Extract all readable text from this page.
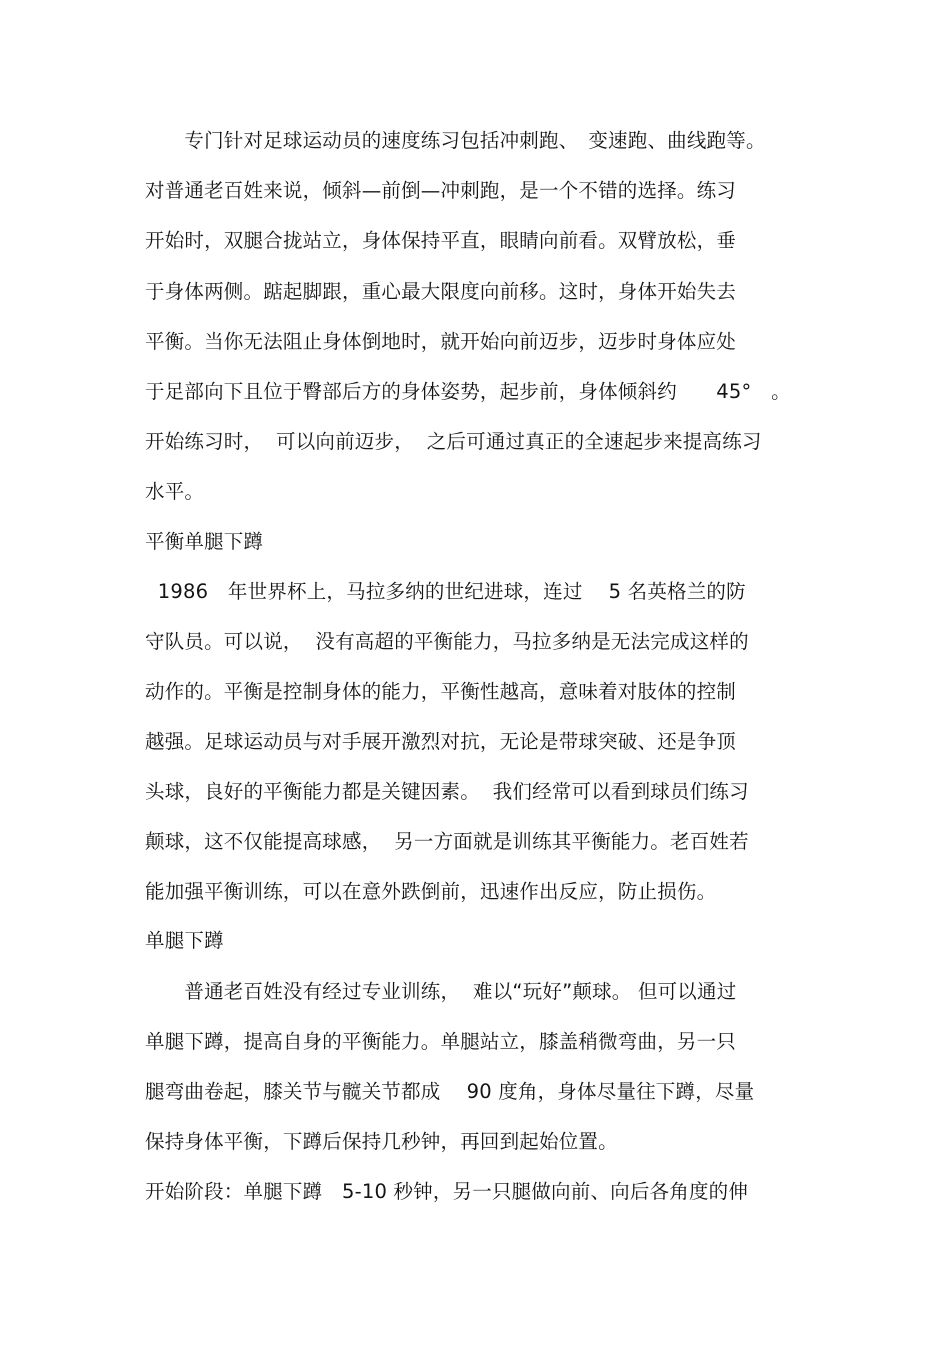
　　专门针对足球运动员的速度练习包括冲刺跑、　变速跑、曲线跑等。
对普通老百姓来说，倾斜—前倒—冲刺跑，是一个不错的选择。练习
开始时，双腿合拢站立，身体保持平直，眼睛向前看。双臂放松，垂
于身体两侧。踮起脚跟，重心最大限度向前移。这时，身体开始失去
平衡。当你无法阻止身体倒地时，就开始向前迈步，迈步时身体应处
于足部向下且位于臀部后方的身体姿势，起步前，身体倾斜约　　45°　。
开始练习时，  可以向前迈步，  之后可通过真正的全速起步来提高练习
水平。
平衡单腿下蹲
1986　年世界杯上，马拉多纳的世纪进球，连过　 5 名英格兰的防
守队员。可以说，  没有高超的平衡能力，马拉多纳是无法完成这样的
动作的。平衡是控制身体的能力，平衡性越高，意味着对肢体的控制
越强。足球运动员与对手展开激烈对抗，无论是带球突破、还是争顶
头球，良好的平衡能力都是关键因素。  我们经常可以看到球员们练习
颠球，这不仅能提高球感，  另一方面就是训练其平衡能力。老百姓若
能加强平衡训练，可以在意外跌倒前，迅速作出反应，防止损伤。
单腿下蹲
　　普通老百姓没有经过专业训练，  难以“玩好”颠球。 但可以通过
单腿下蹲，提高自身的平衡能力。单腿站立，膝盖稍微弯曲，另一只
腿弯曲卷起，膝关节与髋关节都成　 90 度角，身体尽量往下蹲，尽量
保持身体平衡，下蹲后保持几秒钟，再回到起始位置。
开始阶段：单腿下蹲　5-10 秒钟，另一只腿做向前、向后各角度的伸
